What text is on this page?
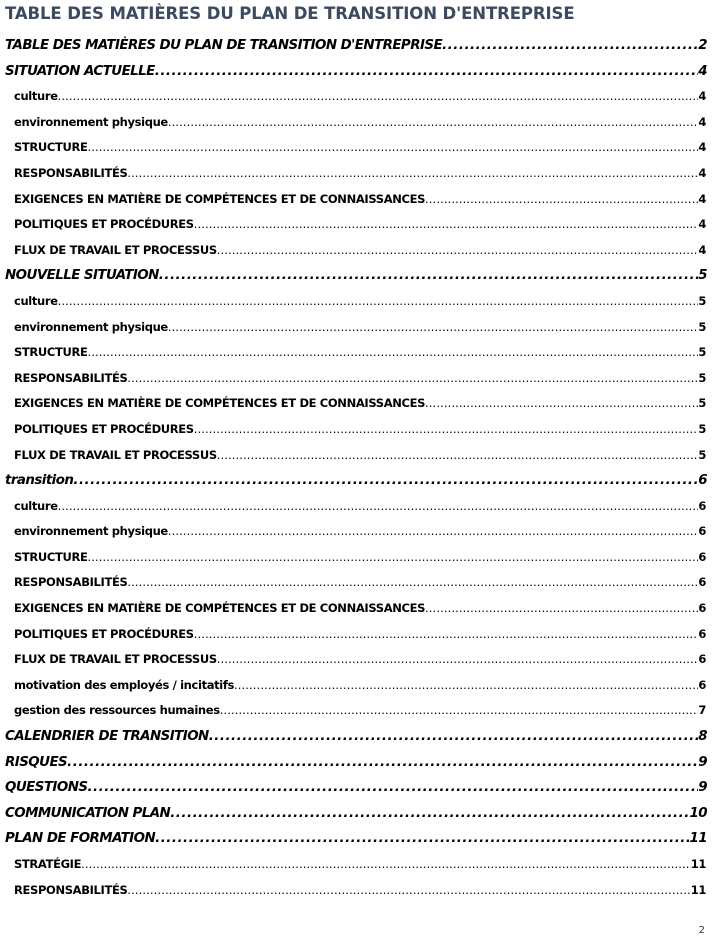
TABLE DES MATIÈRES DU PLAN DE TRANSITION D'ENTREPRISE
TABLE DES MATIÈRES DU PLAN DE TRANSITION D'ENTREPRISE .....	2
SITUATION ACTUELLE .....	4
culture .....	4
environnement physique .....	4
STRUCTURE .....	4
RESPONSABILITÉS .....	4
EXIGENCES EN MATIÈRE DE COMPÉTENCES ET DE CONNAISSANCES .....	4
POLITIQUES ET PROCÉDURES .....	4
FLUX DE TRAVAIL ET PROCESSUS .....	4
NOUVELLE SITUATION .....	5
culture .....	5
environnement physique .....	5
STRUCTURE .....	5
RESPONSABILITÉS .....	5
EXIGENCES EN MATIÈRE DE COMPÉTENCES ET DE CONNAISSANCES .....	5
POLITIQUES ET PROCÉDURES .....	5
FLUX DE TRAVAIL ET PROCESSUS .....	5
transition .....	6
culture .....	6
environnement physique .....	6
STRUCTURE .....	6
RESPONSABILITÉS .....	6
EXIGENCES EN MATIÈRE DE COMPÉTENCES ET DE CONNAISSANCES .....	6
POLITIQUES ET PROCÉDURES .....	6
FLUX DE TRAVAIL ET PROCESSUS .....	6
motivation des employés / incitatifs .....	6
gestion des ressources humaines .....	7
CALENDRIER DE TRANSITION .....	8
RISQUES .....	9
QUESTIONS .....	9
COMMUNICATION PLAN .....	10
PLAN DE FORMATION .....	11
STRATÉGIE .....	11
RESPONSABILITÉS .....	11
2
